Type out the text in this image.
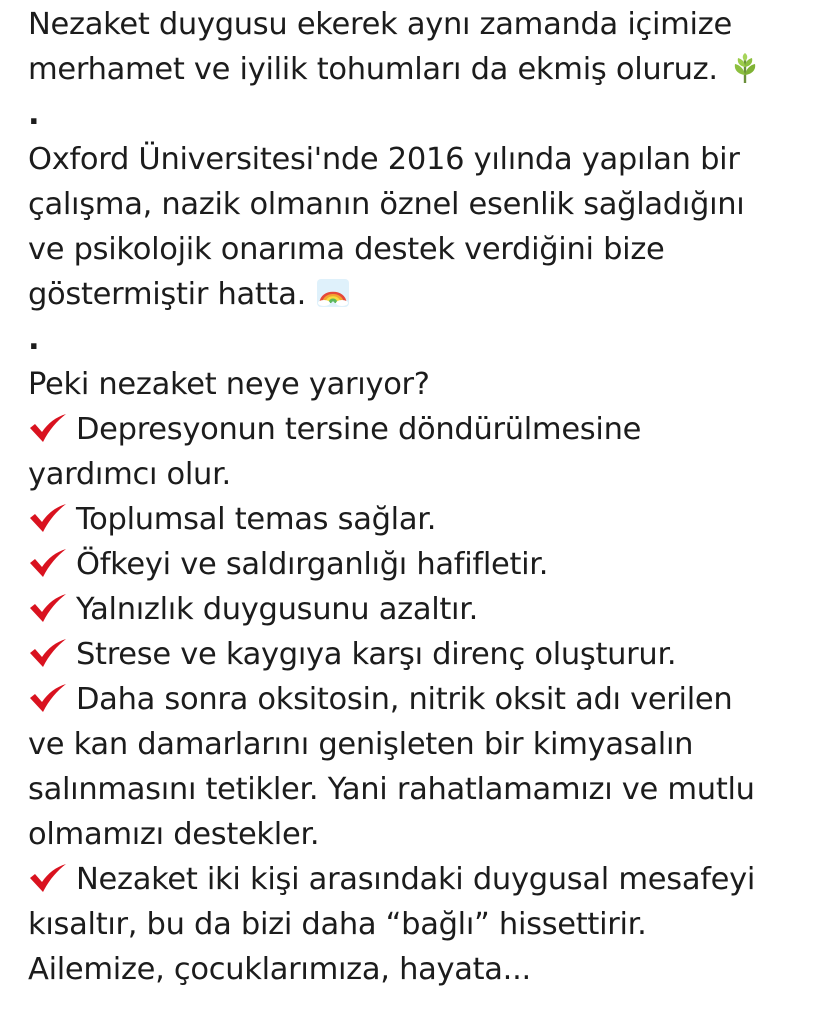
Nezaket duygusu ekerek aynı zamanda içimize
merhamet ve iyilik tohumları da ekmiş oluruz.
.
Oxford Üniversitesi'nde 2016 yılında yapılan bir
çalışma, nazik olmanın öznel esenlik sağladığını
ve psikolojik onarıma destek verdiğini bize
göstermiştir hatta.
.
Peki nezaket neye yarıyor?
Depresyonun tersine döndürülmesine
yardımcı olur.
Toplumsal temas sağlar.
Öfkeyi ve saldırganlığı hafifletir.
Yalnızlık duygusunu azaltır.
Strese ve kaygıya karşı direnç oluşturur.
Daha sonra oksitosin, nitrik oksit adı verilen
ve kan damarlarını genişleten bir kimyasalın
salınmasını tetikler. Yani rahatlamamızı ve mutlu
olmamızı destekler.
Nezaket iki kişi arasındaki duygusal mesafeyi
kısaltır, bu da bizi daha “bağlı” hissettirir.
Ailemize, çocuklarımıza, hayata...
